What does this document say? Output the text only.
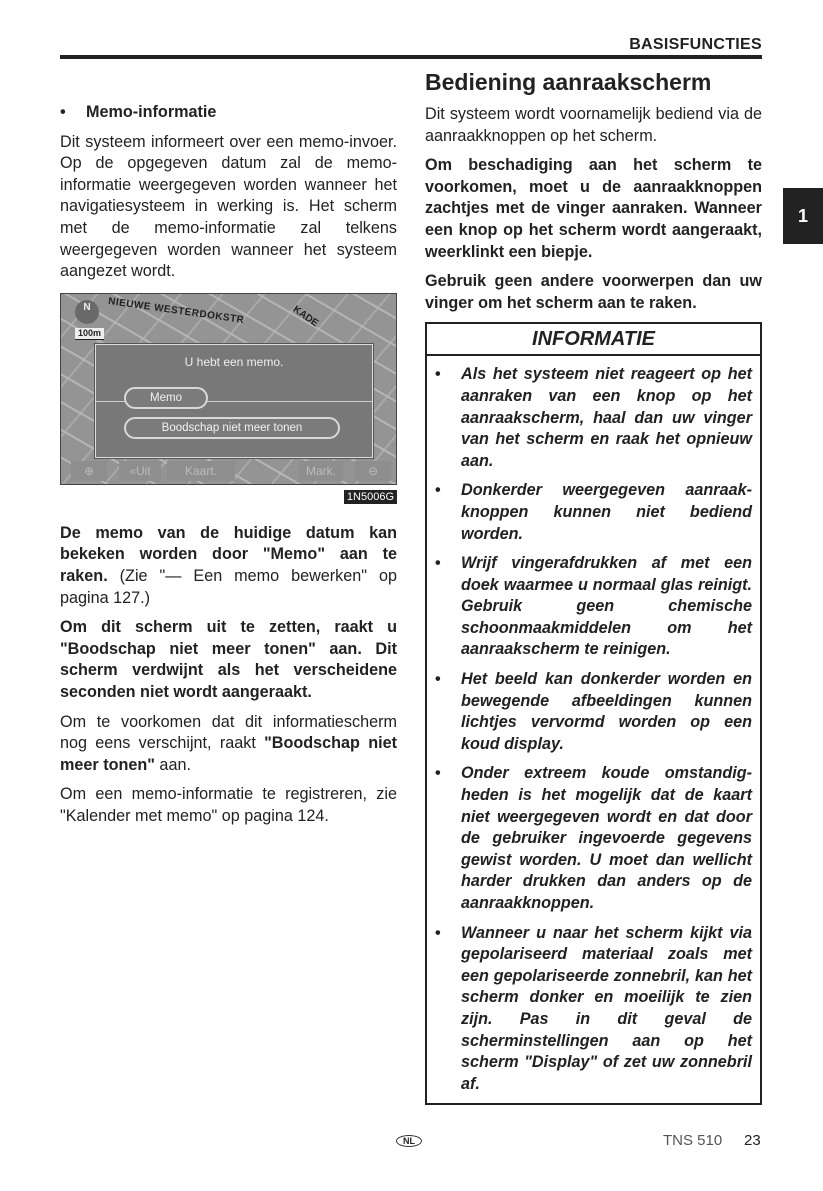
BASISFUNCTIES
1
• Memo-informatie

Dit systeem informeert over een memo-invoer. Op de opgegeven datum zal de memo-informatie weergegeven worden wanneer het navigatiesysteem in werking is. Het scherm met de memo-informatie zal telkens weergegeven worden wanneer het systeem aangezet wordt.

NIEUWE WESTERDOKSTR	KADE
N
100m
U hebt een memo.
Memo
Boodschap niet meer tonen
⊕	«Uit	Kaart.	Mark.	⊖
1N5006G

De memo van de huidige datum kan bekeken worden door "Memo" aan te raken. (Zie "— Een memo bewerken" op pagina 127.)

Om dit scherm uit te zetten, raakt u "Boodschap niet meer tonen" aan. Dit scherm verdwijnt als het verscheidene seconden niet wordt aangeraakt.

Om te voorkomen dat dit informatiescherm nog eens verschijnt, raakt "Boodschap niet meer tonen" aan.

Om een memo-informatie te registreren, zie "Kalender met memo" op pagina 124.

Bediening aanraakscherm

Dit systeem wordt voornamelijk bediend via de aanraakknoppen op het scherm.

Om beschadiging aan het scherm te voorkomen, moet u de aanraakknoppen zachtjes met de vinger aanraken. Wanneer een knop op het scherm wordt aangeraakt, weerklinkt een biepje.

Gebruik geen andere voorwerpen dan uw vinger om het scherm aan te raken.

INFORMATIE
•	Als het systeem niet reageert op het aanraken van een knop op het aanraakscherm, haal dan uw vinger van het scherm en raak het opnieuw aan.
•	Donkerder weergegeven aanraak-knoppen kunnen niet bediend worden.
•	Wrijf vingerafdrukken af met een doek waarmee u normaal glas reinigt. Gebruik geen chemische schoonmaakmiddelen om het aanraakscherm te reinigen.
•	Het beeld kan donkerder worden en bewegende afbeeldingen kunnen lichtjes vervormd worden op een koud display.
•	Onder extreem koude omstandig-heden is het mogelijk dat de kaart niet weergegeven wordt en dat door de gebruiker ingevoerde gegevens gewist worden. U moet dan wellicht harder drukken dan anders op de aanraakknoppen.
•	Wanneer u naar het scherm kijkt via gepolariseerd materiaal zoals met een gepolariseerde zonnebril, kan het scherm donker en moeilijk te zien zijn. Pas in dit geval de scherminstellingen aan op het scherm "Display" of zet uw zonnebril af.
NL	TNS 510 23
